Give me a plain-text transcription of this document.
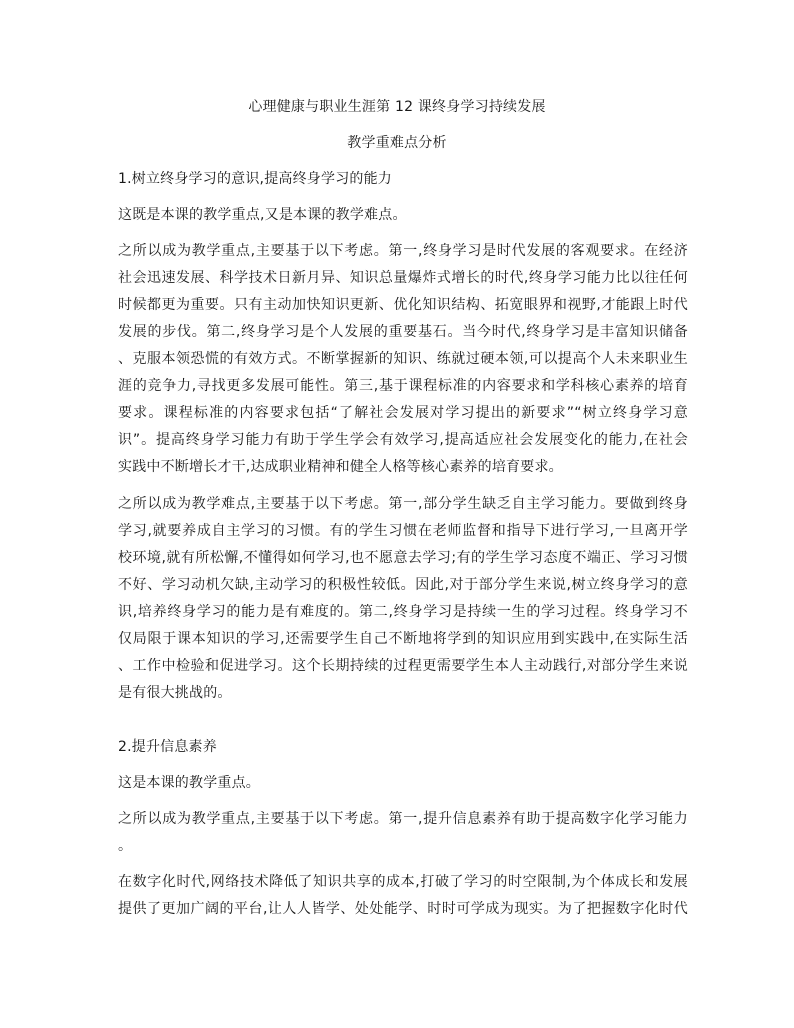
心理健康与职业生涯第 12 课终身学习持续发展
教学重难点分析
1.树立终身学习的意识,提高终身学习的能力
这既是本课的教学重点,又是本课的教学难点。
之所以成为教学重点,主要基于以下考虑。第一,终身学习是时代发展的客观要求。在经济
社会迅速发展、科学技术日新月异、知识总量爆炸式增长的时代,终身学习能力比以往任何
时候都更为重要。只有主动加快知识更新、优化知识结构、拓宽眼界和视野,才能跟上时代
发展的步伐。第二,终身学习是个人发展的重要基石。当今时代,终身学习是丰富知识储备
、克服本领恐慌的有效方式。不断掌握新的知识、练就过硬本领,可以提高个人未来职业生
涯的竞争力,寻找更多发展可能性。第三,基于课程标准的内容要求和学科核心素养的培育
要求。课程标准的内容要求包括“了解社会发展对学习提出的新要求”“树立终身学习意
识”。提高终身学习能力有助于学生学会有效学习,提高适应社会发展变化的能力,在社会
实践中不断增长才干,达成职业精神和健全人格等核心素养的培育要求。
之所以成为教学难点,主要基于以下考虑。第一,部分学生缺乏自主学习能力。要做到终身
学习,就要养成自主学习的习惯。有的学生习惯在老师监督和指导下进行学习,一旦离开学
校环境,就有所松懈,不懂得如何学习,也不愿意去学习;有的学生学习态度不端正、学习习惯
不好、学习动机欠缺,主动学习的积极性较低。因此,对于部分学生来说,树立终身学习的意
识,培养终身学习的能力是有难度的。第二,终身学习是持续一生的学习过程。终身学习不
仅局限于课本知识的学习,还需要学生自己不断地将学到的知识应用到实践中,在实际生活
、工作中检验和促进学习。这个长期持续的过程更需要学生本人主动践行,对部分学生来说
是有很大挑战的。
2.提升信息素养
这是本课的教学重点。
之所以成为教学重点,主要基于以下考虑。第一,提升信息素养有助于提高数字化学习能力
。
在数字化时代,网络技术降低了知识共享的成本,打破了学习的时空限制,为个体成长和发展
提供了更加广阔的平台,让人人皆学、处处能学、时时可学成为现实。为了把握数字化时代
